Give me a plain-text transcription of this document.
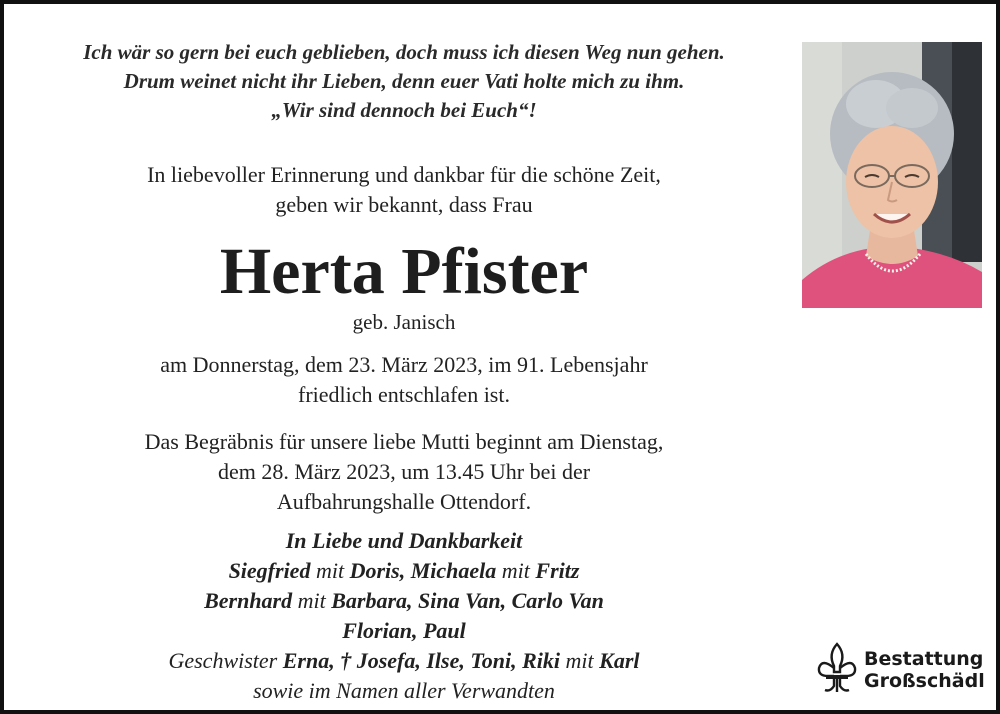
Ich wär so gern bei euch geblieben, doch muss ich diesen Weg nun gehen.
Drum weinet nicht ihr Lieben, denn euer Vati holte mich zu ihm.
„Wir sind dennoch bei Euch“!
In liebevoller Erinnerung und dankbar für die schöne Zeit,
geben wir bekannt, dass Frau
Herta Pfister
geb. Janisch
am Donnerstag, dem 23. März 2023, im 91. Lebensjahr
friedlich entschlafen ist.
Das Begräbnis für unsere liebe Mutti beginnt am Dienstag,
dem 28. März 2023, um 13.45 Uhr bei der
Aufbahrungshalle Ottendorf.
In Liebe und Dankbarkeit
Siegfried mit Doris, Michaela mit Fritz
Bernhard mit Barbara, Sina Van, Carlo Van
Florian, Paul
Geschwister Erna, † Josefa, Ilse, Toni, Riki mit Karl
sowie im Namen aller Verwandten
Bestattung
Großschädl
